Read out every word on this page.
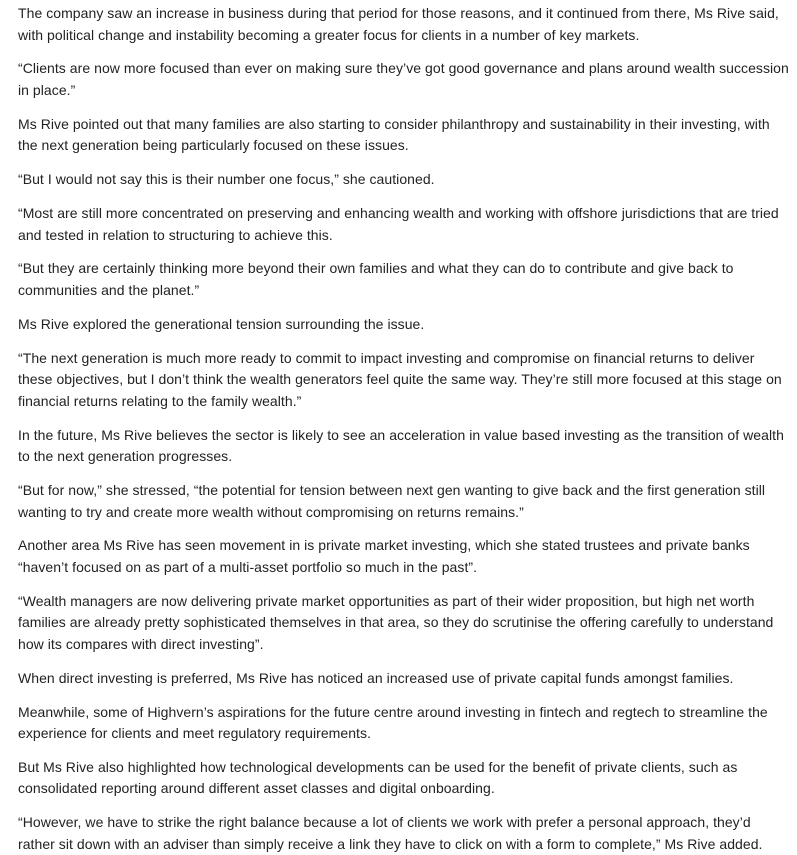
The company saw an increase in business during that period for those reasons, and it continued from there, Ms Rive said, with political change and instability becoming a greater focus for clients in a number of key markets.

“Clients are now more focused than ever on making sure they’ve got good governance and plans around wealth succession in place.”

Ms Rive pointed out that many families are also starting to consider philanthropy and sustainability in their investing, with the next generation being particularly focused on these issues.

“But I would not say this is their number one focus,” she cautioned.

“Most are still more concentrated on preserving and enhancing wealth and working with offshore jurisdictions that are tried and tested in relation to structuring to achieve this.

“But they are certainly thinking more beyond their own families and what they can do to contribute and give back to communities and the planet.”

Ms Rive explored the generational tension surrounding the issue.

“The next generation is much more ready to commit to impact investing and compromise on financial returns to deliver these objectives, but I don’t think the wealth generators feel quite the same way. They’re still more focused at this stage on financial returns relating to the family wealth.”

In the future, Ms Rive believes the sector is likely to see an acceleration in value based investing as the transition of wealth to the next generation progresses.

“But for now,” she stressed, “the potential for tension between next gen wanting to give back and the first generation still wanting to try and create more wealth without compromising on returns remains.”

Another area Ms Rive has seen movement in is private market investing, which she stated trustees and private banks “haven’t focused on as part of a multi-asset portfolio so much in the past”.

“Wealth managers are now delivering private market opportunities as part of their wider proposition, but high net worth families are already pretty sophisticated themselves in that area, so they do scrutinise the offering carefully to understand how its compares with direct investing”.

When direct investing is preferred, Ms Rive has noticed an increased use of private capital funds amongst families.

Meanwhile, some of Highvern’s aspirations for the future centre around investing in fintech and regtech to streamline the experience for clients and meet regulatory requirements.

But Ms Rive also highlighted how technological developments can be used for the benefit of private clients, such as consolidated reporting around different asset classes and digital onboarding.

“However, we have to strike the right balance because a lot of clients we work with prefer a personal approach, they’d rather sit down with an adviser than simply receive a link they have to click on with a form to complete,” Ms Rive added.
